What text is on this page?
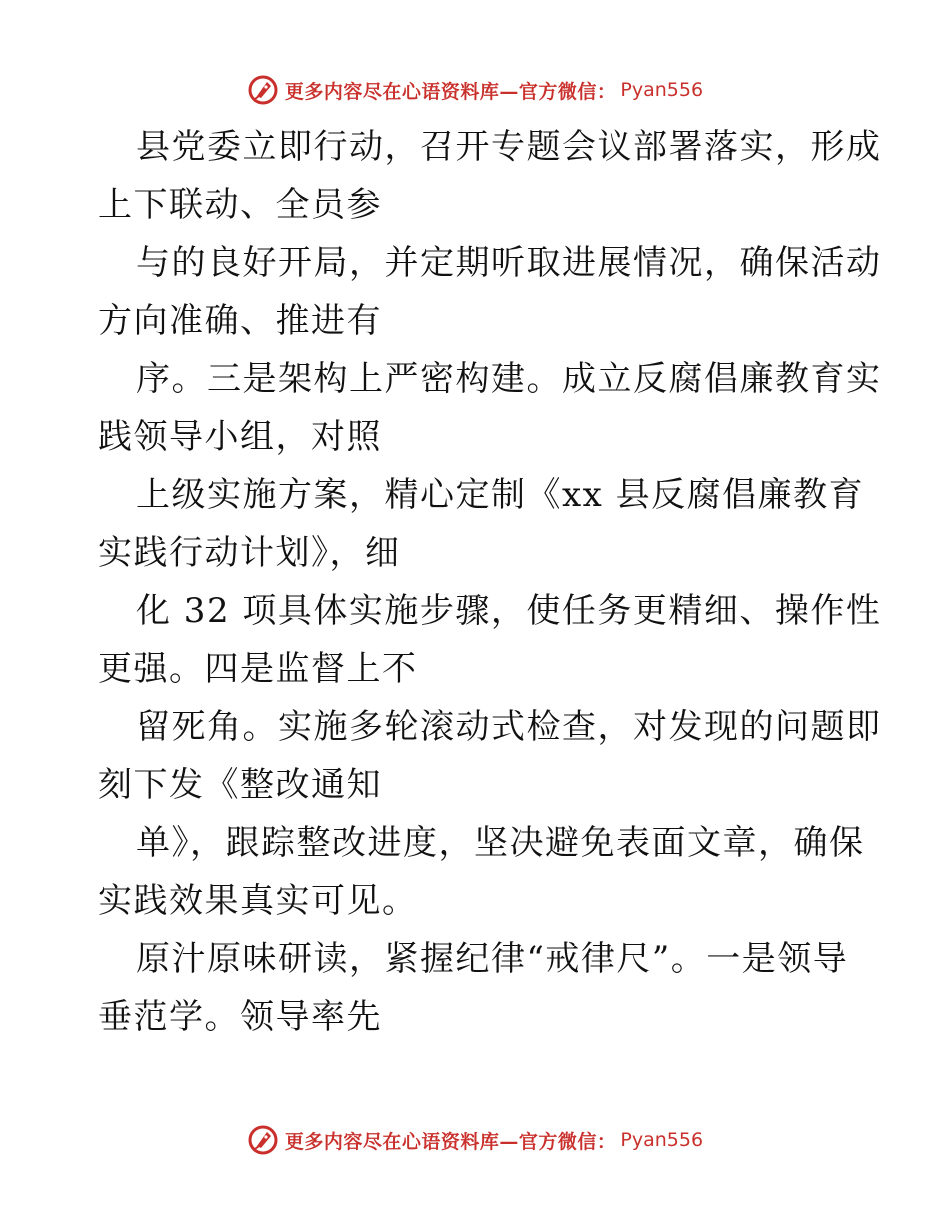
更多内容尽在心语资料库—官方微信： Pyan556
县党委立即行动，召开专题会议部署落实，形成
上下联动、全员参
与的良好开局，并定期听取进展情况，确保活动
方向准确、推进有
序。三是架构上严密构建。成立反腐倡廉教育实
践领导小组，对照
上级实施方案，精心定制《xx 县反腐倡廉教育
实践行动计划》，细
化 32 项具体实施步骤，使任务更精细、操作性
更强。四是监督上不
留死角。实施多轮滚动式检查，对发现的问题即
刻下发《整改通知
单》，跟踪整改进度，坚决避免表面文章，确保
实践效果真实可见。
原汁原味研读，紧握纪律“戒律尺”。一是领导
垂范学。领导率先
更多内容尽在心语资料库—官方微信： Pyan556
